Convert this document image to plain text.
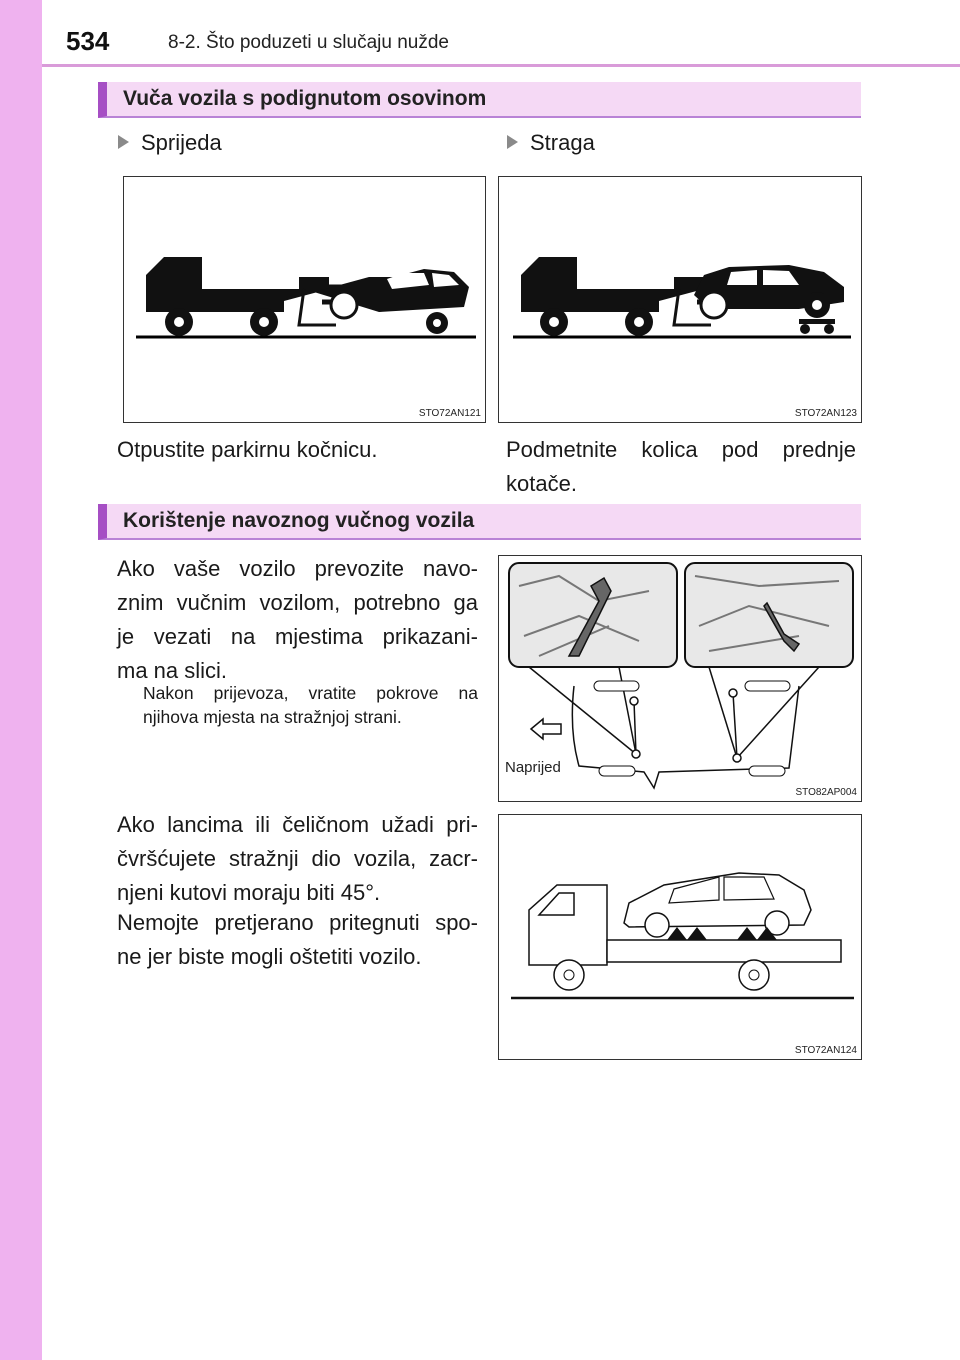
534	8-2. Što poduzeti u slučaju nužde
Vuča vozila s podignutom osovinom
Sprijeda	Straga
STO72AN121	STO72AN123
Otpustite parkirnu kočnicu.	Podmetnite kolica pod prednje
kotače.
Korištenje navoznog vučnog vozila
Ako vaše vozilo prevozite navo-
znim vučnim vozilom, potrebno ga
je vezati na mjestima prikazani-
ma na slici.
Nakon prijevoza, vratite pokrove na
njihova mjesta na stražnjoj strani.
Ako lancima ili čeličnom užadi pri-
čvršćujete stražnji dio vozila, zacr-
njeni kutovi moraju biti 45°.
Nemojte pretjerano pritegnuti spo-
ne jer biste mogli oštetiti vozilo.
Naprijed
STO82AP004
STO72AN124
